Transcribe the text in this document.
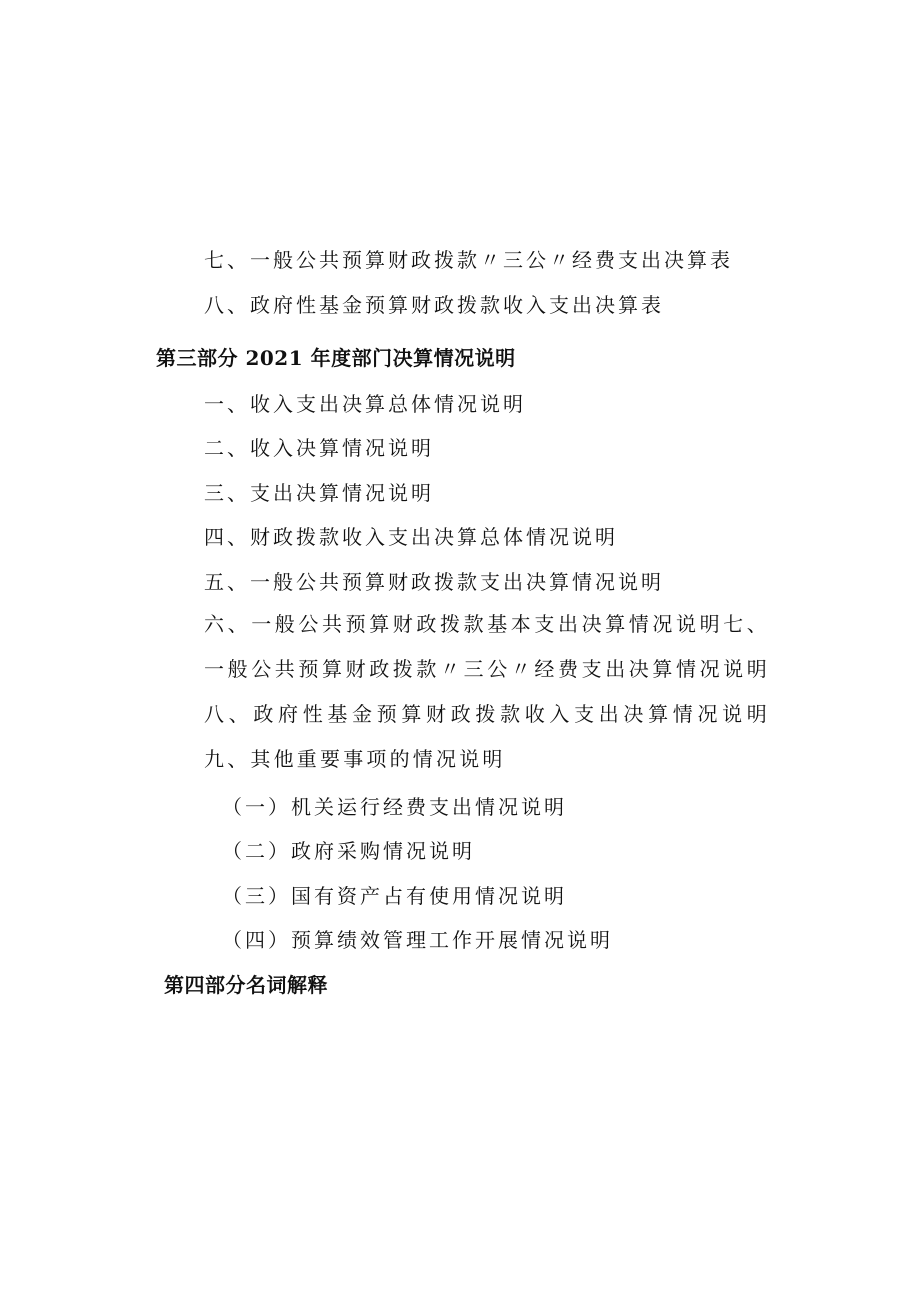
七、一般公共预算财政拨款〃三公〃经费支出决算表
八、政府性基金预算财政拨款收入支出决算表
第三部分 2021 年度部门决算情况说明
一、收入支出决算总体情况说明
二、收入决算情况说明
三、支出决算情况说明
四、财政拨款收入支出决算总体情况说明
五、一般公共预算财政拨款支出决算情况说明
六、一般公共预算财政拨款基本支出决算情况说明七、一般公共预算财政拨款〃三公〃经费支出决算情况说明八、政府性基金预算财政拨款收入支出决算情况说明九、其他重要事项的情况说明
（一）机关运行经费支出情况说明
（二）政府采购情况说明
（三）国有资产占有使用情况说明
（四）预算绩效管理工作开展情况说明
第四部分名词解释
